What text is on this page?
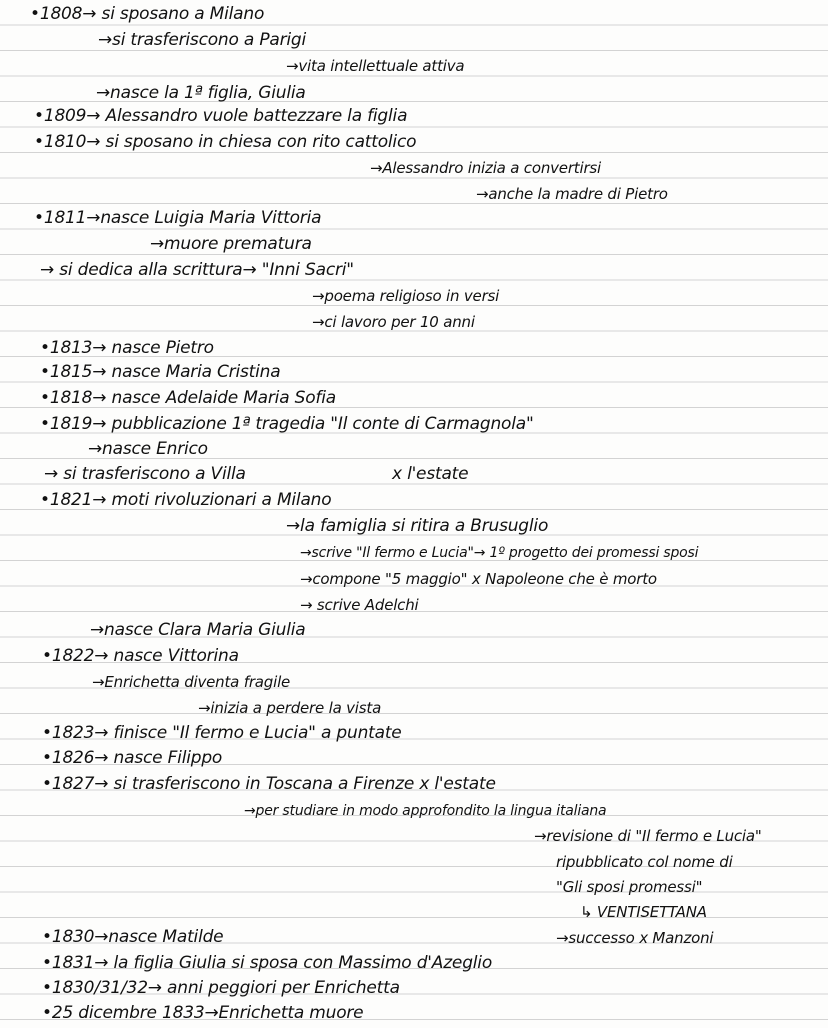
•1808→ si sposano a Milano
→si trasferiscono a Parigi
→vita intellettuale attiva
→nasce la 1ª figlia, Giulia
•1809→ Alessandro vuole battezzare la figlia
•1810→ si sposano in chiesa con rito cattolico
→Alessandro inizia a convertirsi
→anche la madre di Pietro
•1811→nasce Luigia Maria Vittoria
→muore prematura
→ si dedica alla scrittura→ "Inni Sacri"
→poema religioso in versi
→ci lavoro per 10 anni
•1813→ nasce Pietro
•1815→ nasce Maria Cristina
•1818→ nasce Adelaide Maria Sofia
•1819→ pubblicazione 1ª tragedia "Il conte di Carmagnola"
→nasce Enrico
→ si trasferiscono a Villa	x l'estate
•1821→ moti rivoluzionari a Milano
→la famiglia si ritira a Brusuglio
→scrive "Il fermo e Lucia"→ 1º progetto dei promessi sposi
→compone "5 maggio" x Napoleone che è morto
→ scrive Adelchi
→nasce Clara Maria Giulia
•1822→ nasce Vittorina
→Enrichetta diventa fragile
→inizia a perdere la vista
•1823→ finisce "Il fermo e Lucia" a puntate
•1826→ nasce Filippo
•1827→ si trasferiscono in Toscana a Firenze x l'estate
→per studiare in modo approfondito la lingua italiana
→revisione di "Il fermo e Lucia"
ripubblicato col nome di
"Gli sposi promessi"
↳ VENTISETTANA
•1830→nasce Matilde	→successo x Manzoni
•1831→ la figlia Giulia si sposa con Massimo d'Azeglio
•1830/31/32→ anni peggiori per Enrichetta
•25 dicembre 1833→Enrichetta muore
